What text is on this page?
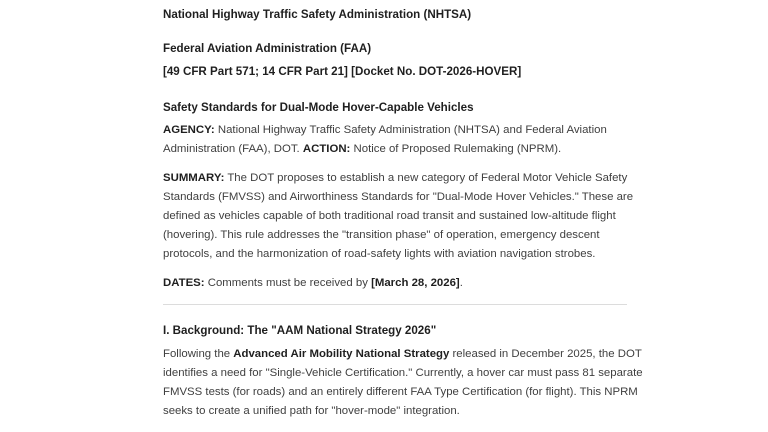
National Highway Traffic Safety Administration (NHTSA)
Federal Aviation Administration (FAA)
[49 CFR Part 571; 14 CFR Part 21] [Docket No. DOT-2026-HOVER]
Safety Standards for Dual-Mode Hover-Capable Vehicles
AGENCY: National Highway Traffic Safety Administration (NHTSA) and Federal Aviation
Administration (FAA), DOT. ACTION: Notice of Proposed Rulemaking (NPRM).
SUMMARY: The DOT proposes to establish a new category of Federal Motor Vehicle Safety
Standards (FMVSS) and Airworthiness Standards for "Dual-Mode Hover Vehicles." These are
defined as vehicles capable of both traditional road transit and sustained low-altitude flight
(hovering). This rule addresses the "transition phase" of operation, emergency descent
protocols, and the harmonization of road-safety lights with aviation navigation strobes.
DATES: Comments must be received by [March 28, 2026].
I. Background: The "AAM National Strategy 2026"
Following the Advanced Air Mobility National Strategy released in December 2025, the DOT
identifies a need for "Single-Vehicle Certification." Currently, a hover car must pass 81 separate
FMVSS tests (for roads) and an entirely different FAA Type Certification (for flight). This NPRM
seeks to create a unified path for "hover-mode" integration.
